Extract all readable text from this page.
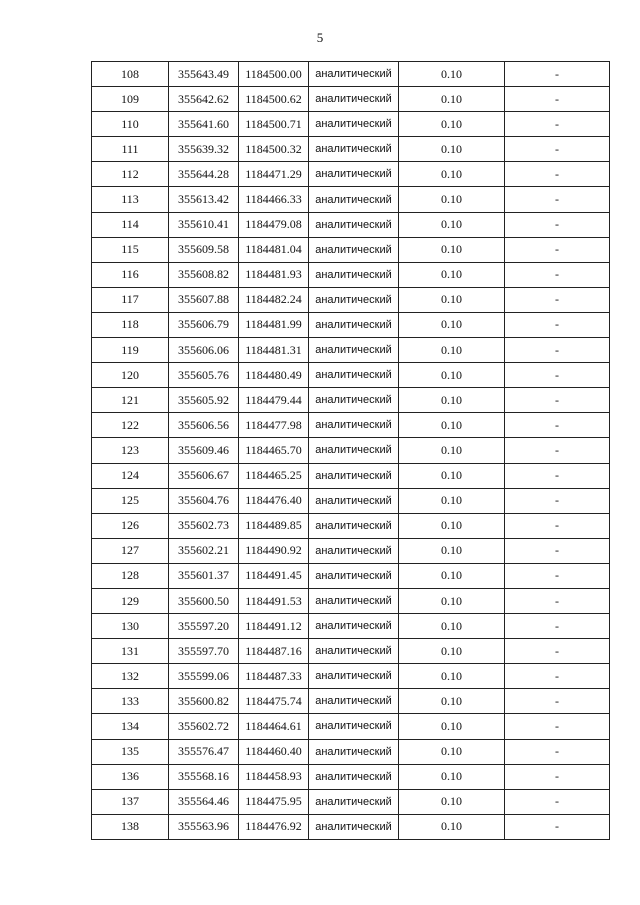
5
108	355643.49	1184500.00	аналитический	0.10	-
109	355642.62	1184500.62	аналитический	0.10	-
110	355641.60	1184500.71	аналитический	0.10	-
111	355639.32	1184500.32	аналитический	0.10	-
112	355644.28	1184471.29	аналитический	0.10	-
113	355613.42	1184466.33	аналитический	0.10	-
114	355610.41	1184479.08	аналитический	0.10	-
115	355609.58	1184481.04	аналитический	0.10	-
116	355608.82	1184481.93	аналитический	0.10	-
117	355607.88	1184482.24	аналитический	0.10	-
118	355606.79	1184481.99	аналитический	0.10	-
119	355606.06	1184481.31	аналитический	0.10	-
120	355605.76	1184480.49	аналитический	0.10	-
121	355605.92	1184479.44	аналитический	0.10	-
122	355606.56	1184477.98	аналитический	0.10	-
123	355609.46	1184465.70	аналитический	0.10	-
124	355606.67	1184465.25	аналитический	0.10	-
125	355604.76	1184476.40	аналитический	0.10	-
126	355602.73	1184489.85	аналитический	0.10	-
127	355602.21	1184490.92	аналитический	0.10	-
128	355601.37	1184491.45	аналитический	0.10	-
129	355600.50	1184491.53	аналитический	0.10	-
130	355597.20	1184491.12	аналитический	0.10	-
131	355597.70	1184487.16	аналитический	0.10	-
132	355599.06	1184487.33	аналитический	0.10	-
133	355600.82	1184475.74	аналитический	0.10	-
134	355602.72	1184464.61	аналитический	0.10	-
135	355576.47	1184460.40	аналитический	0.10	-
136	355568.16	1184458.93	аналитический	0.10	-
137	355564.46	1184475.95	аналитический	0.10	-
138	355563.96	1184476.92	аналитический	0.10	-
